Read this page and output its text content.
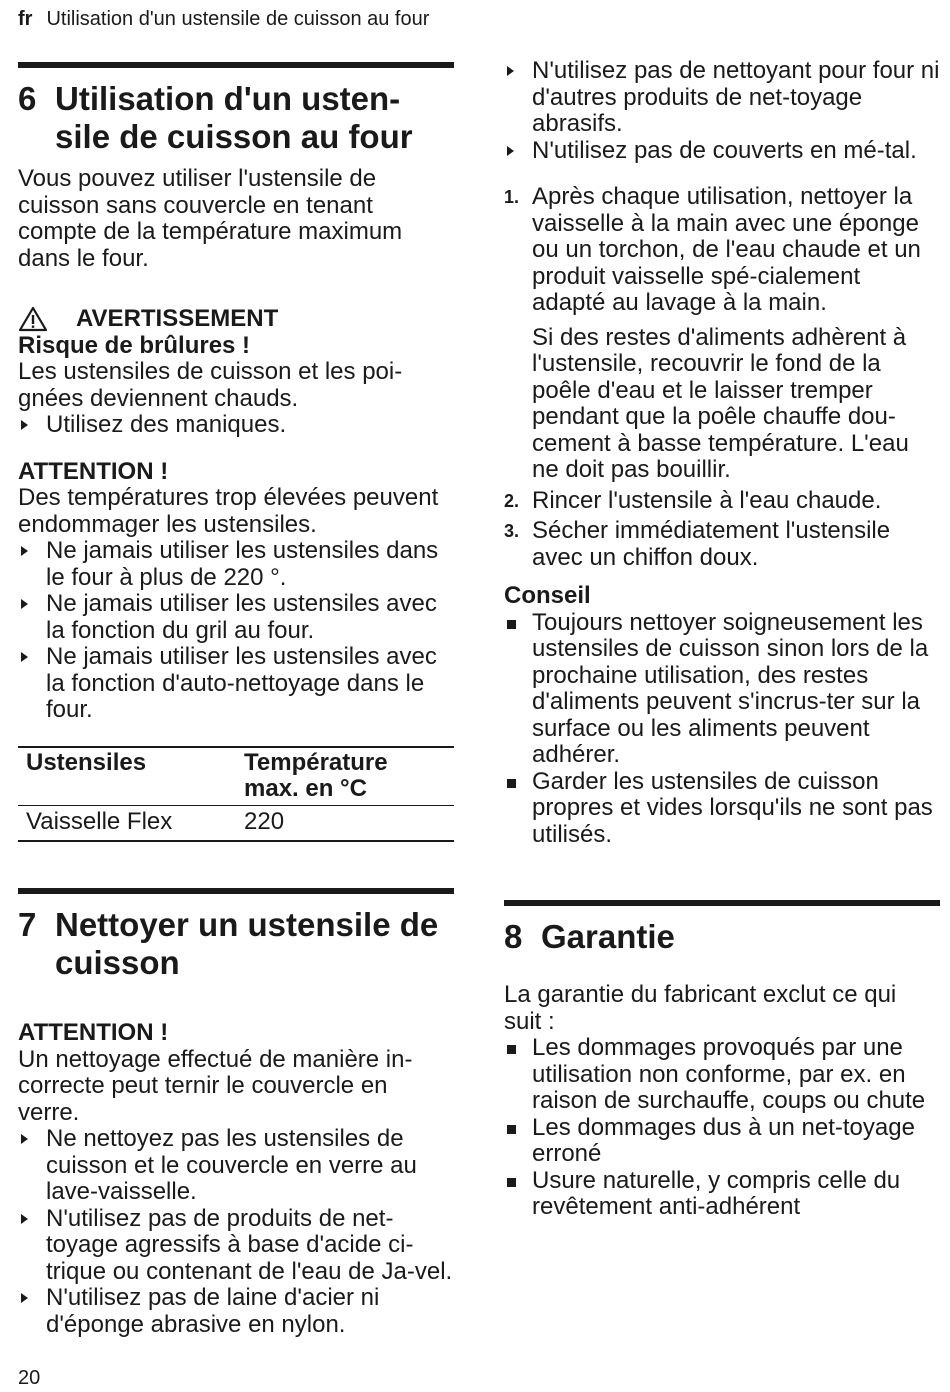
fr Utilisation d'un ustensile de cuisson au four
6 Utilisation d'un usten-sile de cuisson au four

Vous pouvez utiliser l'ustensile de cuisson sans couvercle en tenant compte de la température maximum dans le four.

AVERTISSEMENT

Risque de brûlures !

Les ustensiles de cuisson et les poi-gnées deviennent chauds.

Utilisez des maniques.

ATTENTION !

Des températures trop élevées peuvent endommager les ustensiles.

Ne jamais utiliser les ustensiles dans le four à plus de 220 °.
Ne jamais utiliser les ustensiles avec la fonction du gril au four.
Ne jamais utiliser les ustensiles avec la fonction d'auto-nettoyage dans le four.
Ustensiles	Température max. en °C
Vaisselle Flex	220
7 Nettoyer un ustensile de cuisson

ATTENTION !

Un nettoyage effectué de manière in-correcte peut ternir le couvercle en verre.

Ne nettoyez pas les ustensiles de cuisson et le couvercle en verre au lave-vaisselle.
N'utilisez pas de produits de net-toyage agressifs à base d'acide ci-trique ou contenant de l'eau de Ja-vel.
N'utilisez pas de laine d'acier ni d'éponge abrasive en nylon.
N'utilisez pas de nettoyant pour four ni d'autres produits de net-toyage abrasifs.
N'utilisez pas de couverts en mé-tal.
1. Après chaque utilisation, nettoyer la vaisselle à la main avec une éponge ou un torchon, de l'eau chaude et un produit vaisselle spé-cialement adapté au lavage à la main.
Si des restes d'aliments adhèrent à l'ustensile, recouvrir le fond de la poêle d'eau et le laisser tremper pendant que la poêle chauffe dou-cement à basse température. L'eau ne doit pas bouillir.
2. Rincer l'ustensile à l'eau chaude.
3. Sécher immédiatement l'ustensile avec un chiffon doux.

Conseil

Toujours nettoyer soigneusement les ustensiles de cuisson sinon lors de la prochaine utilisation, des restes d'aliments peuvent s'incrus-ter sur la surface ou les aliments peuvent adhérer.
Garder les ustensiles de cuisson propres et vides lorsqu'ils ne sont pas utilisés.
8 Garantie

La garantie du fabricant exclut ce qui suit :

Les dommages provoqués par une utilisation non conforme, par ex. en raison de surchauffe, coups ou chute
Les dommages dus à un net-toyage erroné
Usure naturelle, y compris celle du revêtement anti-adhérent
20
